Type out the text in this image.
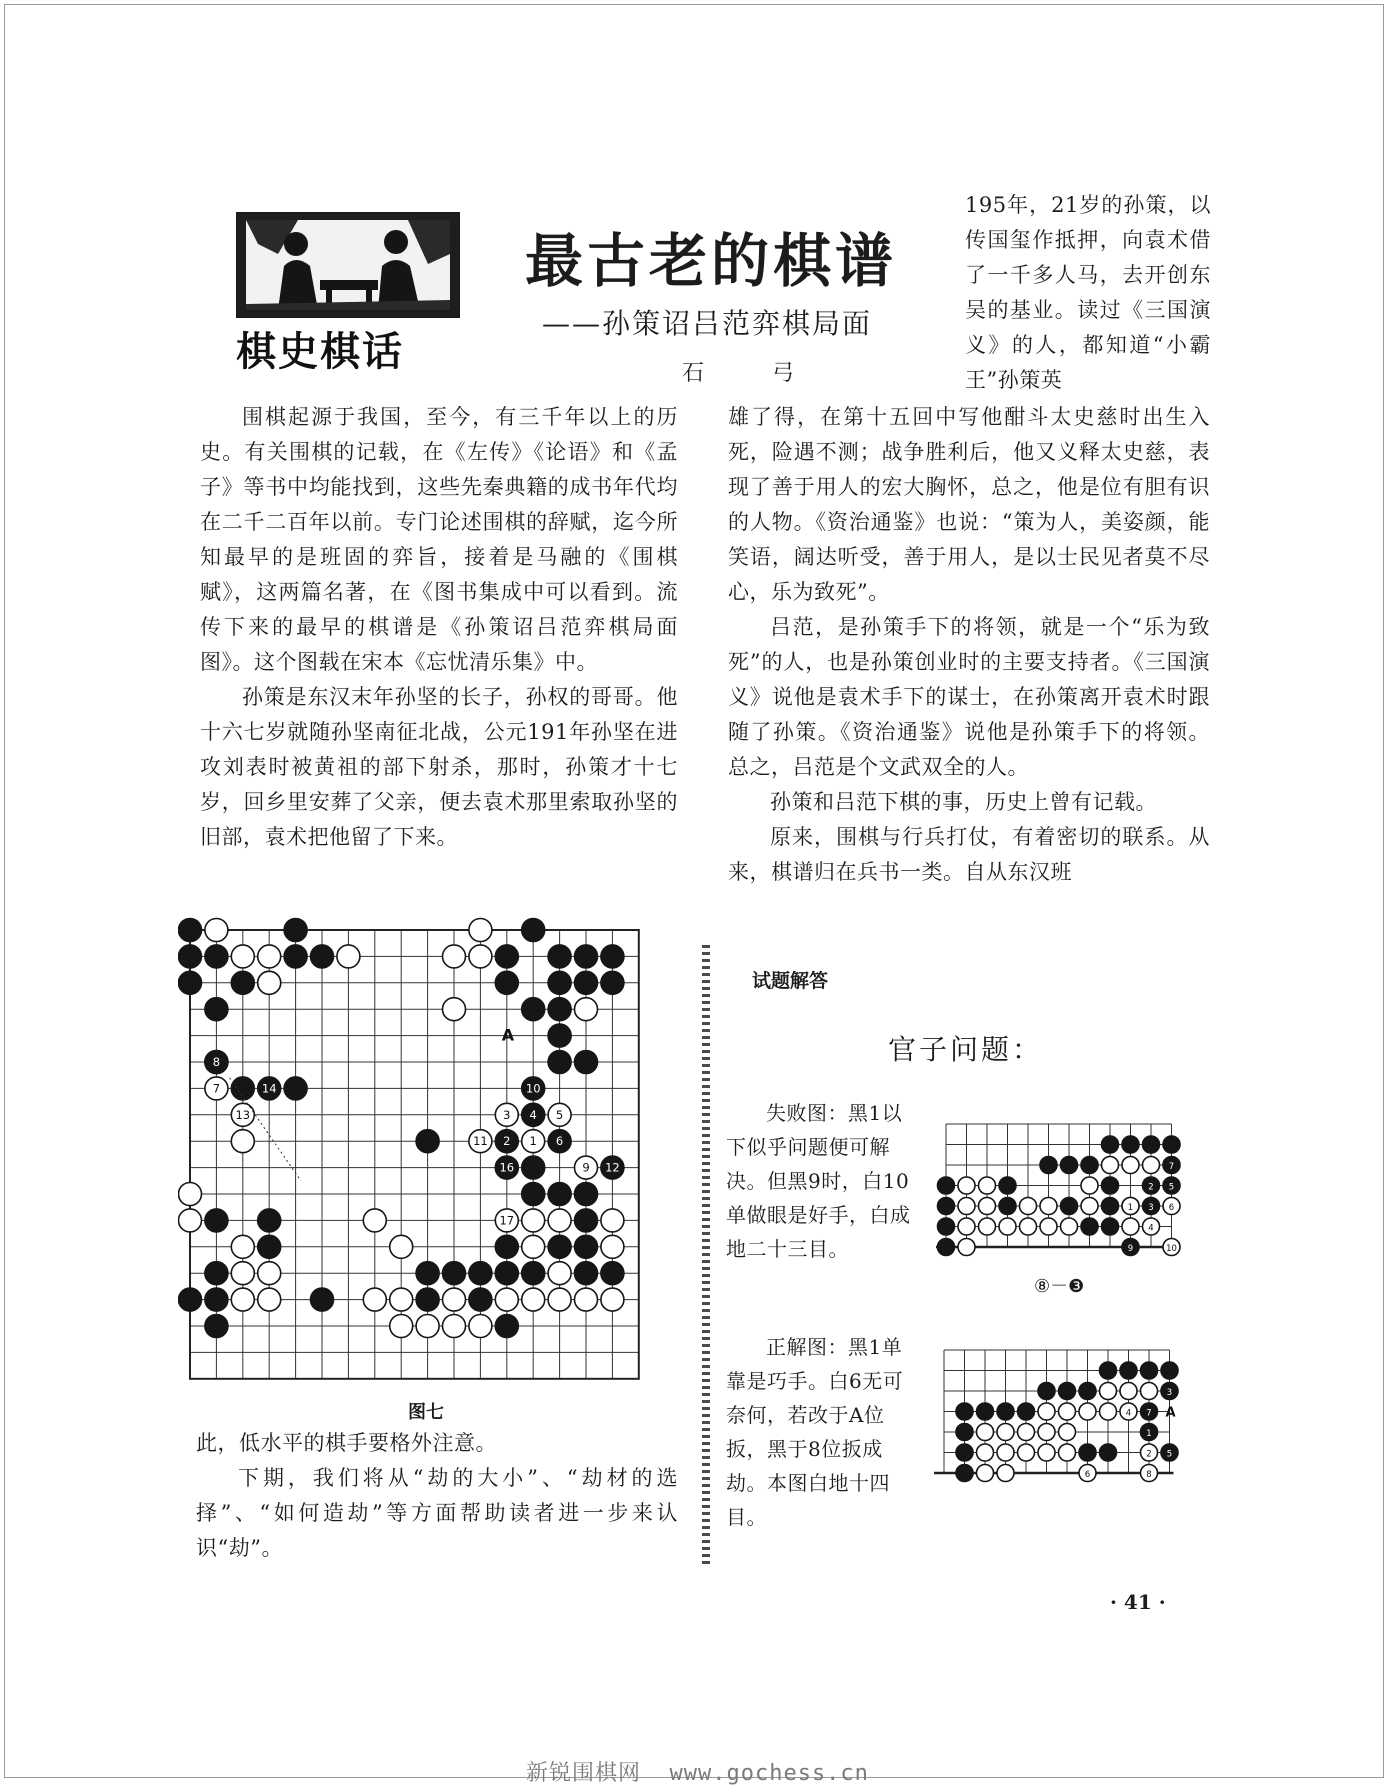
棋史棋话
最古老的棋谱
——孙策诏吕范弈棋局面
石  弓
195年，21岁的孙策，以传国玺作抵押，向袁术借了一千多人马，去开创东吴的基业。读过《三国演义》的人，都知道“小霸王”孙策英

围棋起源于我国，至今，有三千年以上的历史。有关围棋的记载，在《左传》《论语》和《孟子》等书中均能找到，这些先秦典籍的成书年代均在二千二百年以前。专门论述围棋的辞赋，迄今所知最早的是班固的弈旨，接着是马融的《围棋赋》，这两篇名著，在《图书集成中可以看到。流传下来的最早的棋谱是《孙策诏吕范弈棋局面图》。这个图载在宋本《忘忧清乐集》中。

孙策是东汉末年孙坚的长子，孙权的哥哥。他十六七岁就随孙坚南征北战，公元191年孙坚在进攻刘表时被黄祖的部下射杀，那时，孙策才十七岁，回乡里安葬了父亲，便去袁术那里索取孙坚的旧部，袁术把他留了下来。

雄了得，在第十五回中写他酣斗太史慈时出生入死，险遇不测；战争胜利后，他又义释太史慈，表现了善于用人的宏大胸怀，总之，他是位有胆有识的人物。《资治通鉴》也说：“策为人，美姿颜，能笑语，阔达听受，善于用人，是以士民见者莫不尽心，乐为致死”。

吕范，是孙策手下的将领，就是一个“乐为致死”的人，也是孙策创业时的主要支持者。《三国演义》说他是袁术手下的谋士，在孙策离开袁术时跟随了孙策。《资治通鉴》说他是孙策手下的将领。总之，吕范是个文武双全的人。

孙策和吕范下棋的事，历史上曾有记载。

原来，围棋与行兵打仗，有着密切的联系。从来，棋谱归在兵书一类。自从东汉班

8
7
13
14
3 4 5
10
11 2 1 6
16
17
9 12
A
图七

此，低水平的棋手要格外注意。

下期，我们将从“劫的大小”、“劫材的选择”、“如何造劫”等方面帮助读者进一步来认识“劫”。

试题解答
官子问题：
失败图：黑1以下似乎问题便可解决。但黑9时，白10单做眼是好手，白成地二十三目。
7
2 5
3 6
1
4
9	10
⑧－❸
正解图：黑1单靠是巧手。白6无可奈何，若改于A位扳，黑于8位扳成劫。本图白地十四目。
3
4 7
1
2 5
6	8
A
· 41 ·
新锐围棋网  www.gochess.cn
